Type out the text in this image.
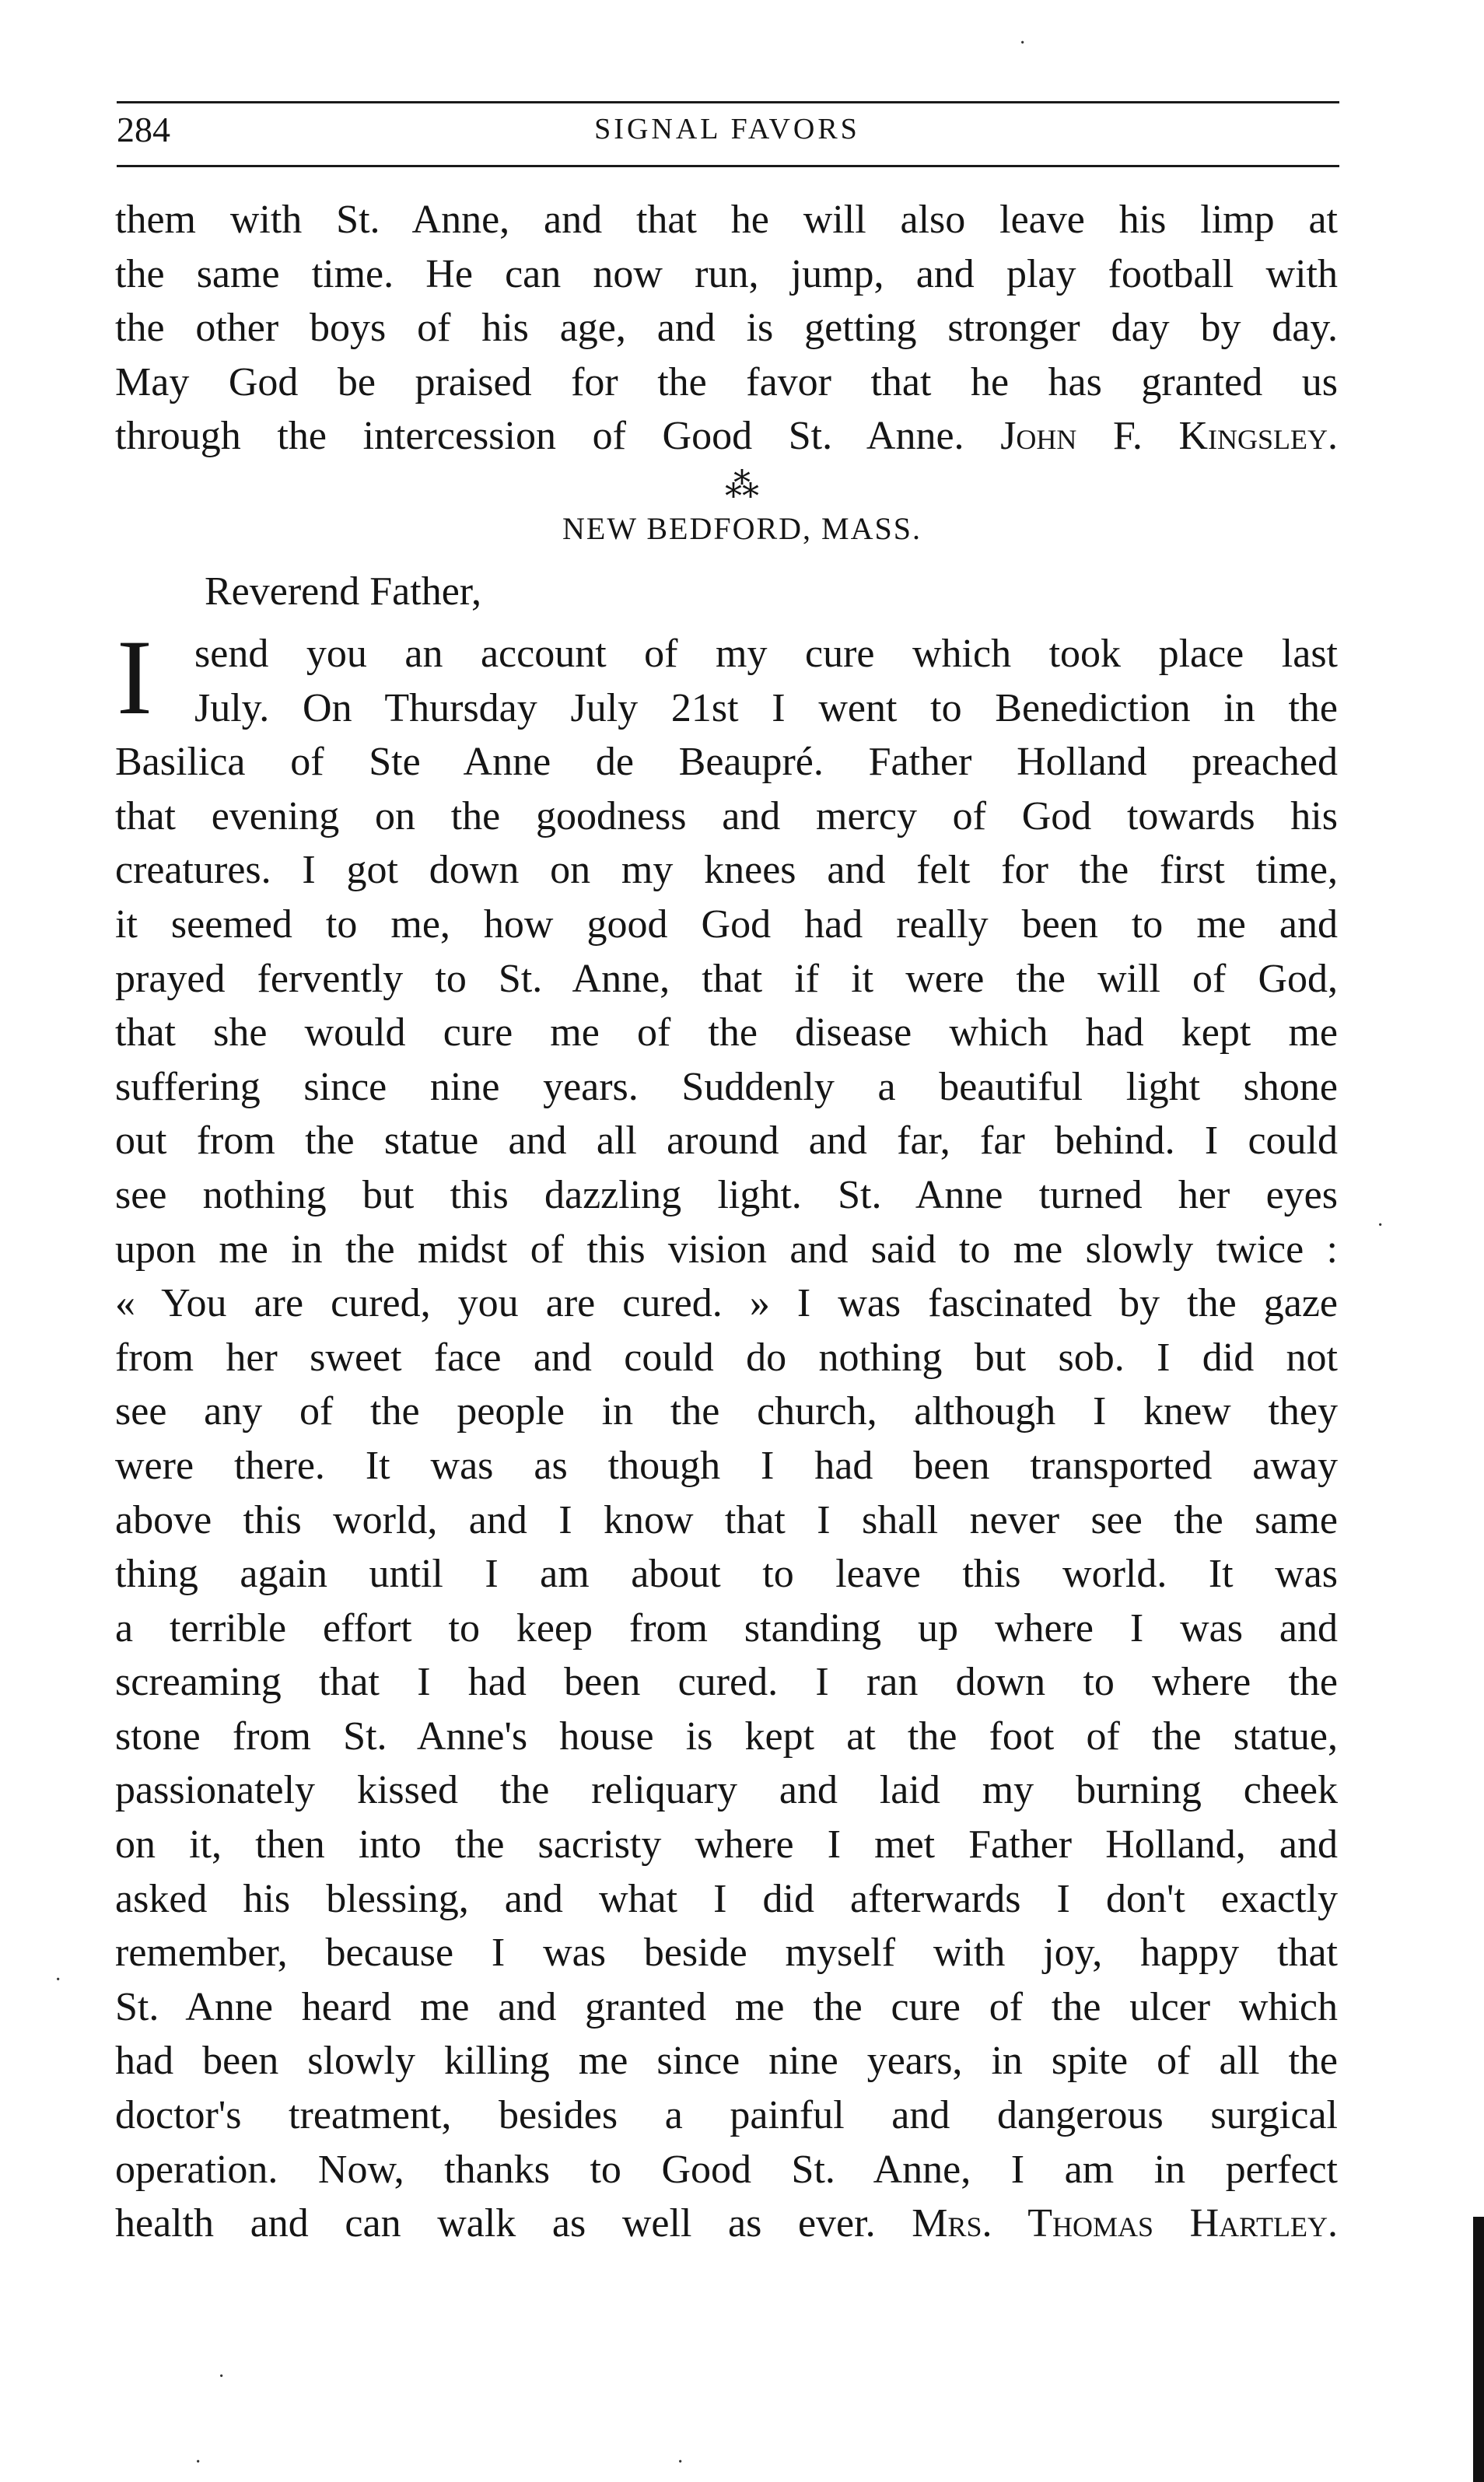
284	SIGNAL FAVORS
them with St. Anne, and that he will also leave his limp at
the same time. He can now run, jump, and play football with
the other boys of his age, and is getting stronger day by day.
May God be praised for the favor that he has granted us
through the intercession of Good St. Anne. John F. Kingsley.
⁂
NEW BEDFORD, MASS.
Reverend Father,
I	send you an account of my cure which took place last
July. On Thursday July 21st I went to Benediction in the
Basilica of Ste Anne de Beaupré. Father Holland preached
that evening on the goodness and mercy of God towards his
creatures. I got down on my knees and felt for the first time,
it seemed to me, how good God had really been to me and
prayed fervently to St. Anne, that if it were the will of God,
that she would cure me of the disease which had kept me
suffering since nine years. Suddenly a beautiful light shone
out from the statue and all around and far, far behind. I could
see nothing but this dazzling light. St. Anne turned her eyes
upon me in the midst of this vision and said to me slowly twice :
« You are cured, you are cured. » I was fascinated by the gaze
from her sweet face and could do nothing but sob. I did not
see any of the people in the church, although I knew they
were there. It was as though I had been transported away
above this world, and I know that I shall never see the same
thing again until I am about to leave this world. It was
a terrible effort to keep from standing up where I was and
screaming that I had been cured. I ran down to where the
stone from St. Anne's house is kept at the foot of the statue,
passionately kissed the reliquary and laid my burning cheek
on it, then into the sacristy where I met Father Holland, and
asked his blessing, and what I did afterwards I don't exactly
remember, because I was beside myself with joy, happy that
St. Anne heard me and granted me the cure of the ulcer which
had been slowly killing me since nine years, in spite of all the
doctor's treatment, besides a painful and dangerous surgical
operation. Now, thanks to Good St. Anne, I am in perfect
health and can walk as well as ever. Mrs. Thomas Hartley.
·
·
·
·
·	·
